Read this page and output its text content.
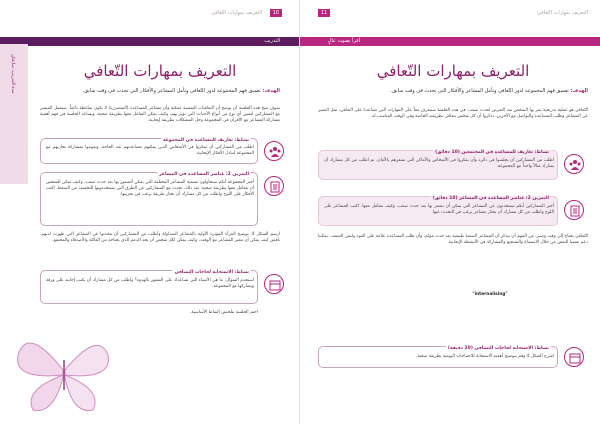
التعريف بمهارات التّعافي	10
التدريب
مدة التدريب: ساعتان	التعريف بمهارات التّعافي
الهدف: تعميق فهم المجموعة لدور التّعافي وتأمل المشاعر والأفكار التي تحدث في وقت سابق.
سوف نتيح هذه الجلسة أن نوضح أن التعافيات النفسية ممكنة وأن مشاعر المساعدة (المتضررة) لا تكون ضاغطة دائماً. سيعمل الميسر مع المشاركين لتعيين أي نوع من أنواع الأحداث التي تؤثر بهم، وكيف يمكن التعامل معها بطريقة صحية، ويساعد الجلسة في فهم أهمية مشاركة المشاعر مع الأقران في المجموعة وحل المشكلات بطريقة إيجابية.
نشاط: تعاريف للمساعدة في المجموعة
اطلب من المشاركين أن يفكروا في الأشخاص الذين يمكنهم مساعدتهم عند الحاجة، ويقوموا بمشاركة تجاربهم مع المجموعة لتبادل الأفكار الإيجابية.
التمرين 2: عناصر المساعدة في المشاعر
أخبر المجموعة أنكم ستحاولون تسمية المشاعر المختلفة التي يمكن الشعور بها بعد حدث صعب، وكيف يمكن للشخص أن يتعامل معها بطريقة صحية. بعد ذلك، تحدث مع المشاركين عن الطرق التي يستخدمونها للتخفيف من الضغط. اكتب الأفكار على اللوح واطلب من كل مشارك أن يختار طريقة يرغب في تجربتها.
ارسم الشكل 4: توضيح المرأة المؤثرة الأولية بالمشاعر المتداولة وأطلب من المشاركين أن يتحدثوا عن المشاعر التي ظهرت لديهم. ناقش كيف يمكن أن تتغير المشاعر مع الوقت، وكيف يمكن لكل شخص أن يجد الدعم الذي يحتاجه من العائلة والأصدقاء والمجتمع.
نشاط: الاستجابة لحاجات التشافي
استخدم السؤال: ما هي الأشياء التي تساعدك على الشعور بالهدوء؟ واطلب من كل مشارك أن يكتب إجابته على ورقة ويشاركها مع المجموعة.
اختم الجلسة بتلخيص النقاط الأساسية.
التعريف بمهارات التّعافي
11
أقرأ بصوت عالٍ
التعريف بمهارات التّعافي
الهدف: تعميق فهم المجموعة لدور التّعافي وتأمل المشاعر والأفكار التي تحدث في وقت سابق.
التّعافي هو عملية تدريجية يمر بها الشخص بعد التعرض لحدث صعب. في هذه الجلسة سنتعرف معاً على المهارات التي تساعدنا على التعافي، مثل التعبير عن المشاعر وطلب المساعدة والتواصل مع الآخرين. تذكروا أن كل شخص يتعافى بطريقته الخاصة وفي الوقت المناسب له.
نشاط: تعاريف للمساعدة في المجتمعين (10 دقائق)
اطلب من المشاركين أن يجلسوا في دائرة وأن يفكروا في الأشخاص والأماكن التي تشعرهم بالأمان. ثم اطلب من كل مشارك أن يشارك مثالاً واحداً مع المجموعة.
التمرين 2: عناصر المساعدة في المشاعر (10 دقائق)
أخبر المشاركين أنكم ستتحدثون عن المشاعر التي يمكن أن نشعر بها بعد حدث صعب، وكيف نتعامل معها. اكتب المشاعر على اللوح واطلب من كل مشارك أن يختار مشاعر يرغب في التحدث عنها.
التّعافي يحتاج إلى وقت وصبر. من المهم أن نتذكر أن المشاعر الصعبة طبيعية بعد حدث مؤلم، وأن طلب المساعدة علامة على القوة وليس الضعف. يمكننا دعم بعضنا البعض من خلال الاستماع والتشجيع والمشاركة في الأنشطة الإيجابية.
"internalising"
نشاط: الاستجابة لحاجات التشافي (20 دقيقة)
اشرح الشكل 4 وقم بتوضيح أهمية الاستجابة للاحتياجات اليومية بطريقة صحية.
